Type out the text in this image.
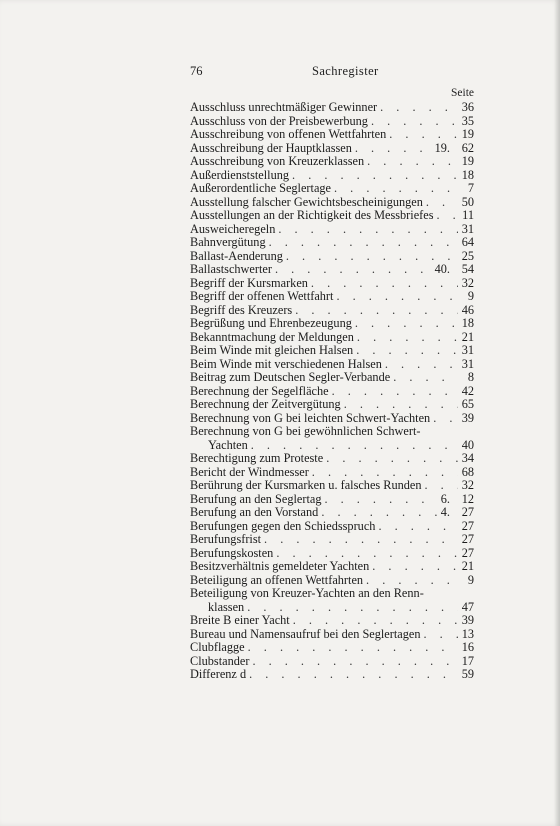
76	Sachregister
Seite
Ausschluss unrechtmäßiger Gewinner . . .	36
Ausschluss von der Preisbewerbung . . .	35
Ausschreibung von offenen Wettfahrten . . .	19
Ausschreibung der Hauptklassen . . .	19. 62
Ausschreibung von Kreuzerklassen . . .	19
Außerdienststellung . . .	18
Außerordentliche Seglertage . . .	7
Ausstellung falscher Gewichtsbescheinigungen . . .	50
Ausstellungen an der Richtigkeit des Messbriefes . . .	11
Ausweicheregeln . . .	31
Bahnvergütung . . .	64
Ballast-Aenderung . . .	25
Ballastschwerter . . .	40. 54
Begriff der Kursmarken . . .	32
Begriff der offenen Wettfahrt . . .	9
Begriff des Kreuzers . . .	46
Begrüßung und Ehrenbezeugung . . .	18
Bekanntmachung der Meldungen . . .	21
Beim Winde mit gleichen Halsen . . .	31
Beim Winde mit verschiedenen Halsen . . .	31
Beitrag zum Deutschen Segler-Verbande . . .	8
Berechnung der Segelfläche . . .	42
Berechnung der Zeitvergütung . . .	65
Berechnung von G bei leichten Schwert-Yachten . . .	39
Berechnung von G bei gewöhnlichen Schwert-
Yachten . . .	40
Berechtigung zum Proteste . . .	34
Bericht der Windmesser . . .	68
Berührung der Kursmarken u. falsches Runden . . .	32
Berufung an den Seglertag . . .	6. 12
Berufung an den Vorstand . . .	4. 27
Berufungen gegen den Schiedsspruch . . .	27
Berufungsfrist . . .	27
Berufungskosten . . .	27
Besitzverhältnis gemeldeter Yachten . . .	21
Beteiligung an offenen Wettfahrten . . .	9
Beteiligung von Kreuzer-Yachten an den Renn-
klassen . . .	47
Breite B einer Yacht . . .	39
Bureau und Namensaufruf bei den Seglertagen . . .	13
Clubflagge . . .	16
Clubstander . . .	17
Differenz d . . .	59
